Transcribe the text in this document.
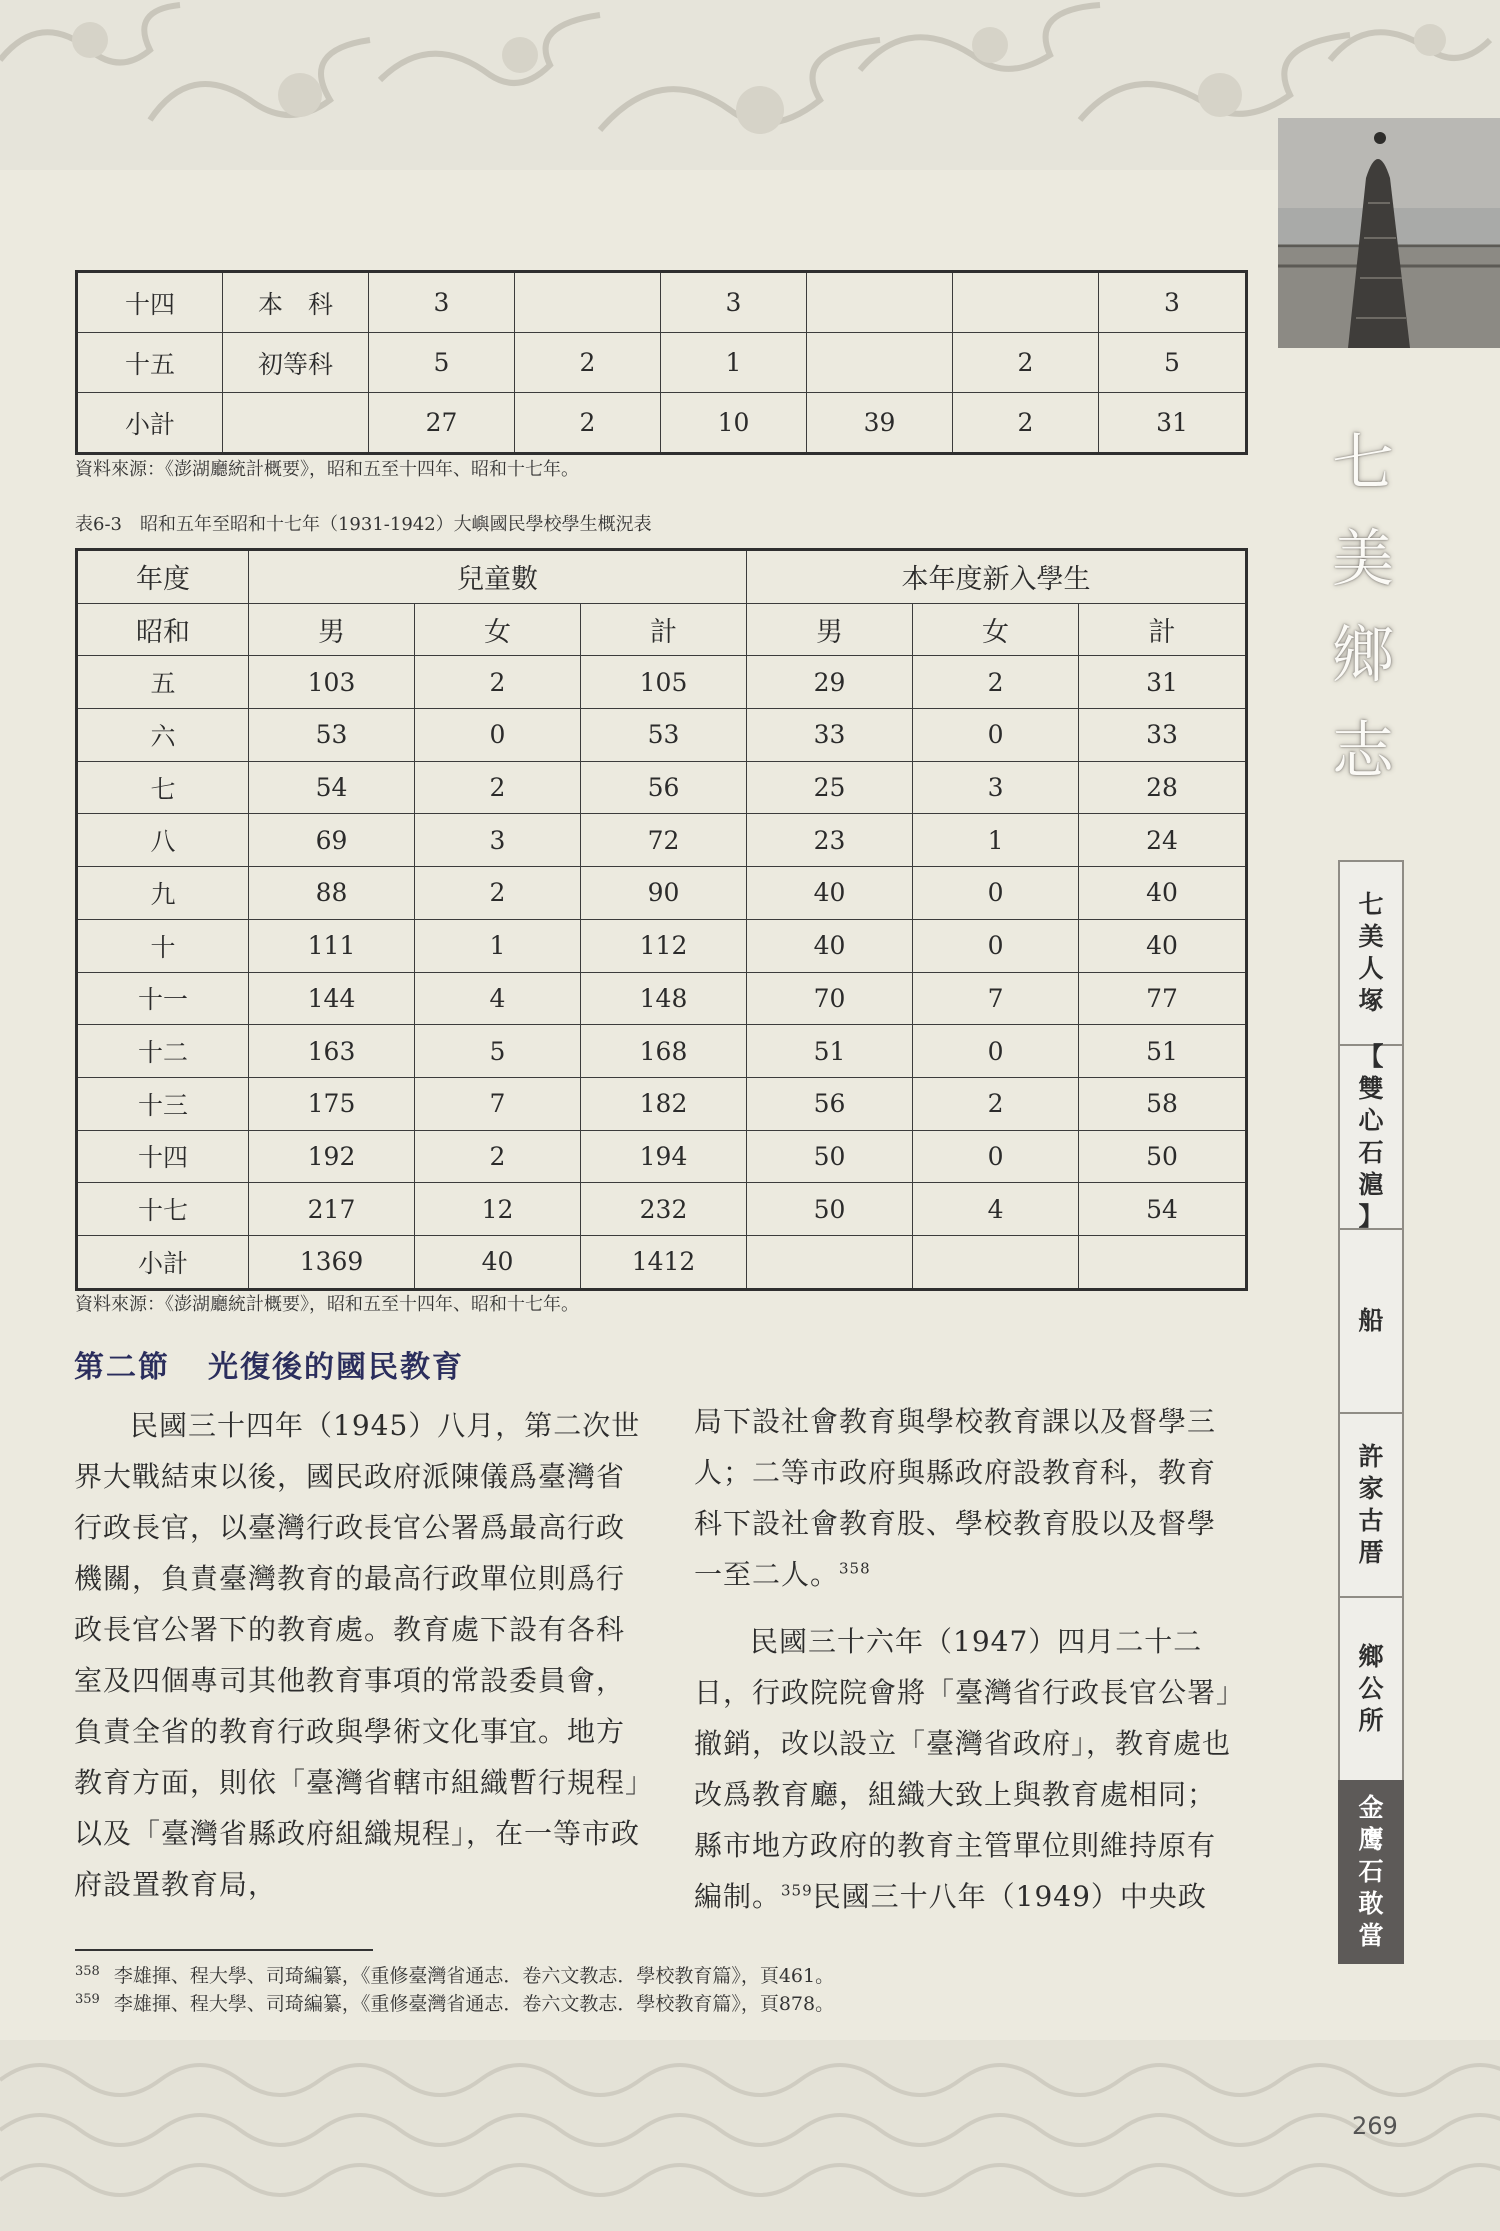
七
美
鄉
志
七
美
人
塚
【
雙
心
石
滬
】
船
許
家
古
厝
鄉
公
所
金
鹰
石
敢
當
十四	本　科	3		3			3
十五	初等科	5	2	1		2	5
小計		27	2	10	39	2	31
資料來源：《澎湖廳統計概要》，昭和五至十四年、昭和十七年。
表6-3　昭和五年至昭和十七年（1931-1942）大嶼國民學校學生概況表
年度	兒童數			本年度新入學生		
昭和	男	女	計	男	女	計
五	103	2	105	29	2	31
六	53	0	53	33	0	33
七	54	2	56	25	3	28
八	69	3	72	23	1	24
九	88	2	90	40	0	40
十	111	1	112	40	0	40
十一	144	4	148	70	7	77
十二	163	5	168	51	0	51
十三	175	7	182	56	2	58
十四	192	2	194	50	0	50
十七	217	12	232	50	4	54
小計	1369	40	1412			
資料來源：《澎湖廳統計概要》，昭和五至十四年、昭和十七年。
第二節 光復後的國民教育

民國三十四年（1945）八月，第二次世界大戰結束以後，國民政府派陳儀爲臺灣省行政長官，以臺灣行政長官公署爲最高行政機關，負責臺灣教育的最高行政單位則爲行政長官公署下的教育處。教育處下設有各科室及四個專司其他教育事項的常設委員會，負責全省的教育行政與學術文化事宜。地方教育方面，則依「臺灣省轄市組織暫行規程」以及「臺灣省縣政府組織規程」，在一等市政府設置教育局，

局下設社會教育與學校教育課以及督學三人；二等市政府與縣政府設教育科，教育科下設社會教育股、學校教育股以及督學一至二人。$^{358}$

民國三十六年（1947）四月二十二日，行政院院會將「臺灣省行政長官公署」撤銷，改以設立「臺灣省政府」，教育處也改爲教育廳，組織大致上與教育處相同；縣市地方政府的教育主管單位則維持原有編制。$^{359}$民國三十八年（1949）中央政

$^{358}$ 李雄揮、程大學、司琦編纂，《重修臺灣省通志．卷六文教志．學校教育篇》，頁461。
$^{359}$ 李雄揮、程大學、司琦編纂，《重修臺灣省通志．卷六文教志．學校教育篇》，頁878。
269
